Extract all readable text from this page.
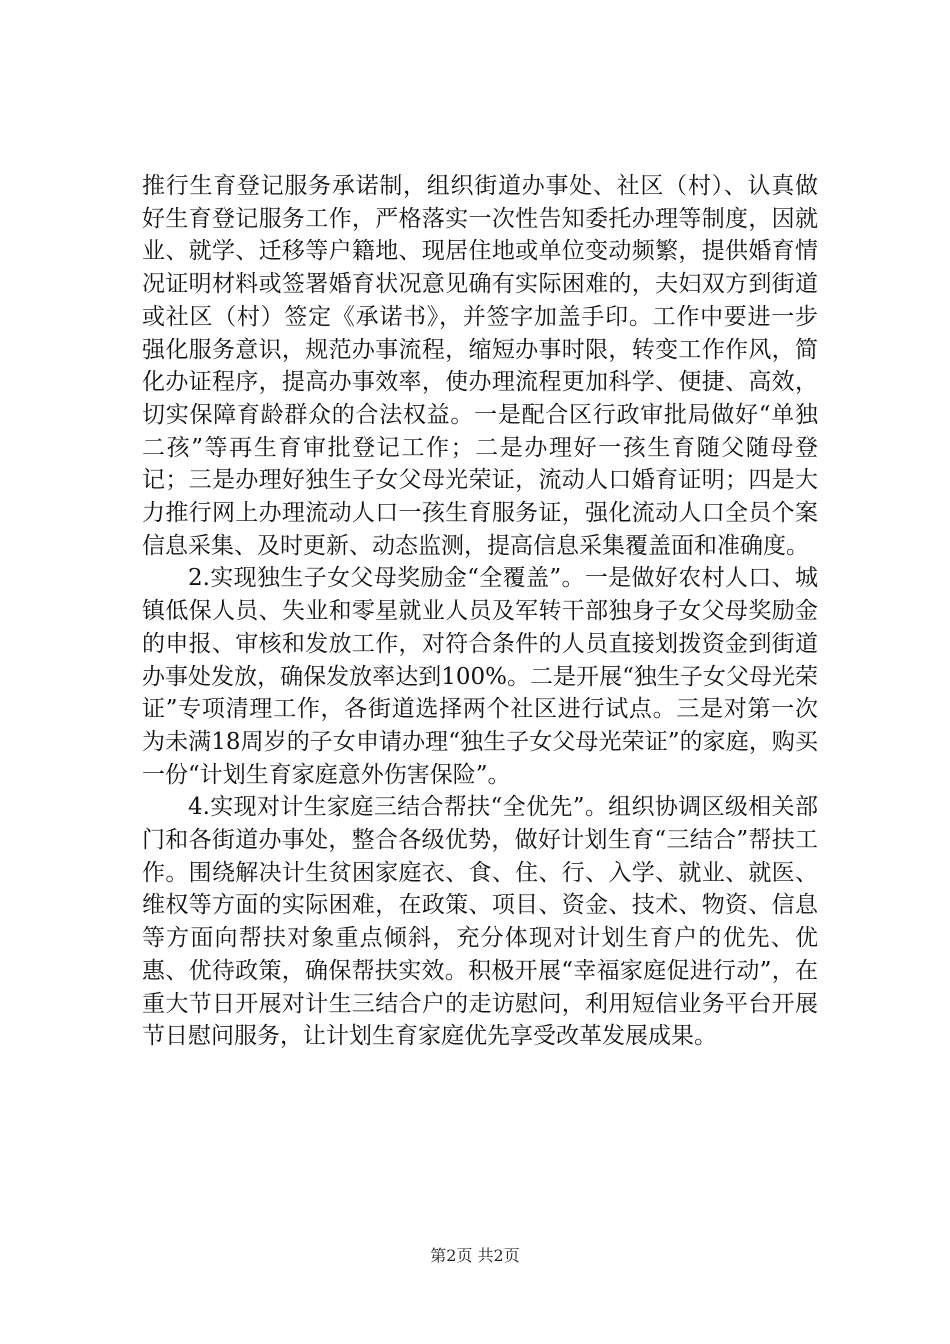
推行生育登记服务承诺制，组织街道办事处、社区（村）、认真做好生育登记服务工作，严格落实一次性告知委托办理等制度，因就业、就学、迁移等户籍地、现居住地或单位变动频繁，提供婚育情况证明材料或签署婚育状况意见确有实际困难的，夫妇双方到街道或社区（村）签定《承诺书》，并签字加盖手印。工作中要进一步强化服务意识，规范办事流程，缩短办事时限，转变工作作风，简化办证程序，提高办事效率，使办理流程更加科学、便捷、高效，切实保障育龄群众的合法权益。一是配合区行政审批局做好“单独二孩”等再生育审批登记工作；二是办理好一孩生育随父随母登记；三是办理好独生子女父母光荣证，流动人口婚育证明；四是大力推行网上办理流动人口一孩生育服务证，强化流动人口全员个案信息采集、及时更新、动态监测，提高信息采集覆盖面和准确度。

2.实现独生子女父母奖励金“全覆盖”。一是做好农村人口、城镇低保人员、失业和零星就业人员及军转干部独身子女父母奖励金的申报、审核和发放工作，对符合条件的人员直接划拨资金到街道办事处发放，确保发放率达到100%。二是开展“独生子女父母光荣证”专项清理工作，各街道选择两个社区进行试点。三是对第一次为未满18周岁的子女申请办理“独生子女父母光荣证”的家庭，购买一份“计划生育家庭意外伤害保险”。

4.实现对计生家庭三结合帮扶“全优先”。组织协调区级相关部门和各街道办事处，整合各级优势，做好计划生育“三结合”帮扶工作。围绕解决计生贫困家庭衣、食、住、行、入学、就业、就医、维权等方面的实际困难，在政策、项目、资金、技术、物资、信息等方面向帮扶对象重点倾斜，充分体现对计划生育户的优先、优惠、优待政策，确保帮扶实效。积极开展“幸福家庭促进行动”，在重大节日开展对计生三结合户的走访慰问，利用短信业务平台开展节日慰问服务，让计划生育家庭优先享受改革发展成果。

第2页 共2页
